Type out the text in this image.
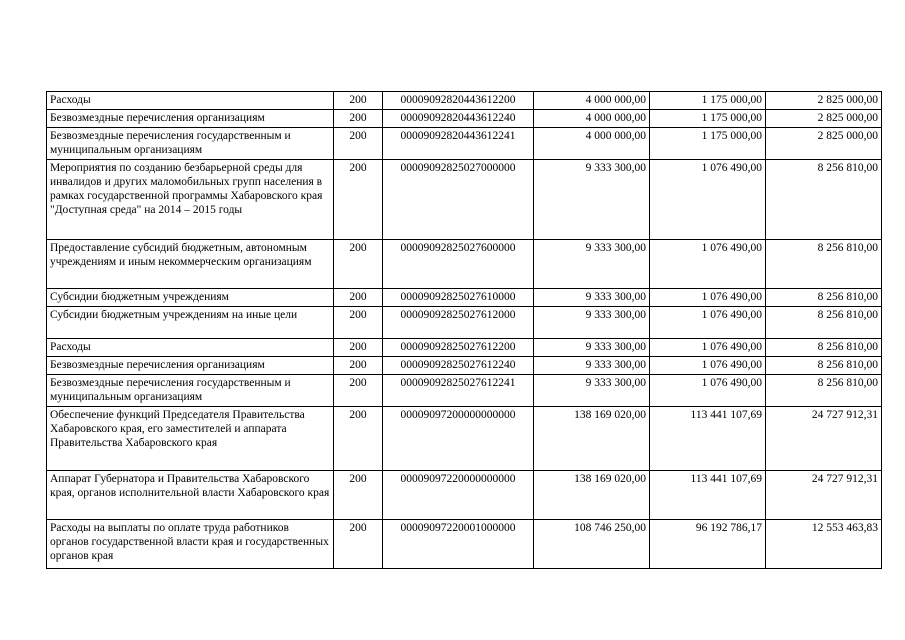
Расходы	200	00009092820443612200	4 000 000,00	1 175 000,00	2 825 000,00
Безвозмездные перечисления организациям	200	00009092820443612240	4 000 000,00	1 175 000,00	2 825 000,00
Безвозмездные перечисления государственным и муниципальным организациям	200	00009092820443612241	4 000 000,00	1 175 000,00	2 825 000,00
Мероприятия по созданию безбарьерной среды для инвалидов и других маломобильных групп населения в рамках государственной программы Хабаровского края "Доступная среда" на 2014 – 2015 годы	200	00009092825027000000	9 333 300,00	1 076 490,00	8 256 810,00
Предоставление субсидий бюджетным, автономным учреждениям и иным некоммерческим организациям	200	00009092825027600000	9 333 300,00	1 076 490,00	8 256 810,00
Субсидии бюджетным учреждениям	200	00009092825027610000	9 333 300,00	1 076 490,00	8 256 810,00
Субсидии бюджетным учреждениям на иные цели	200	00009092825027612000	9 333 300,00	1 076 490,00	8 256 810,00
Расходы	200	00009092825027612200	9 333 300,00	1 076 490,00	8 256 810,00
Безвозмездные перечисления организациям	200	00009092825027612240	9 333 300,00	1 076 490,00	8 256 810,00
Безвозмездные перечисления государственным и муниципальным организациям	200	00009092825027612241	9 333 300,00	1 076 490,00	8 256 810,00
Обеспечение функций Председателя Правительства Хабаровского края, его заместителей и аппарата Правительства Хабаровского края	200	00009097200000000000	138 169 020,00	113 441 107,69	24 727 912,31
Аппарат Губернатора и Правительства Хабаровского края, органов исполнительной власти Хабаровского края	200	00009097220000000000	138 169 020,00	113 441 107,69	24 727 912,31
Расходы на выплаты по оплате труда работников органов государственной власти края и государственных органов края	200	00009097220001000000	108 746 250,00	96 192 786,17	12 553 463,83
